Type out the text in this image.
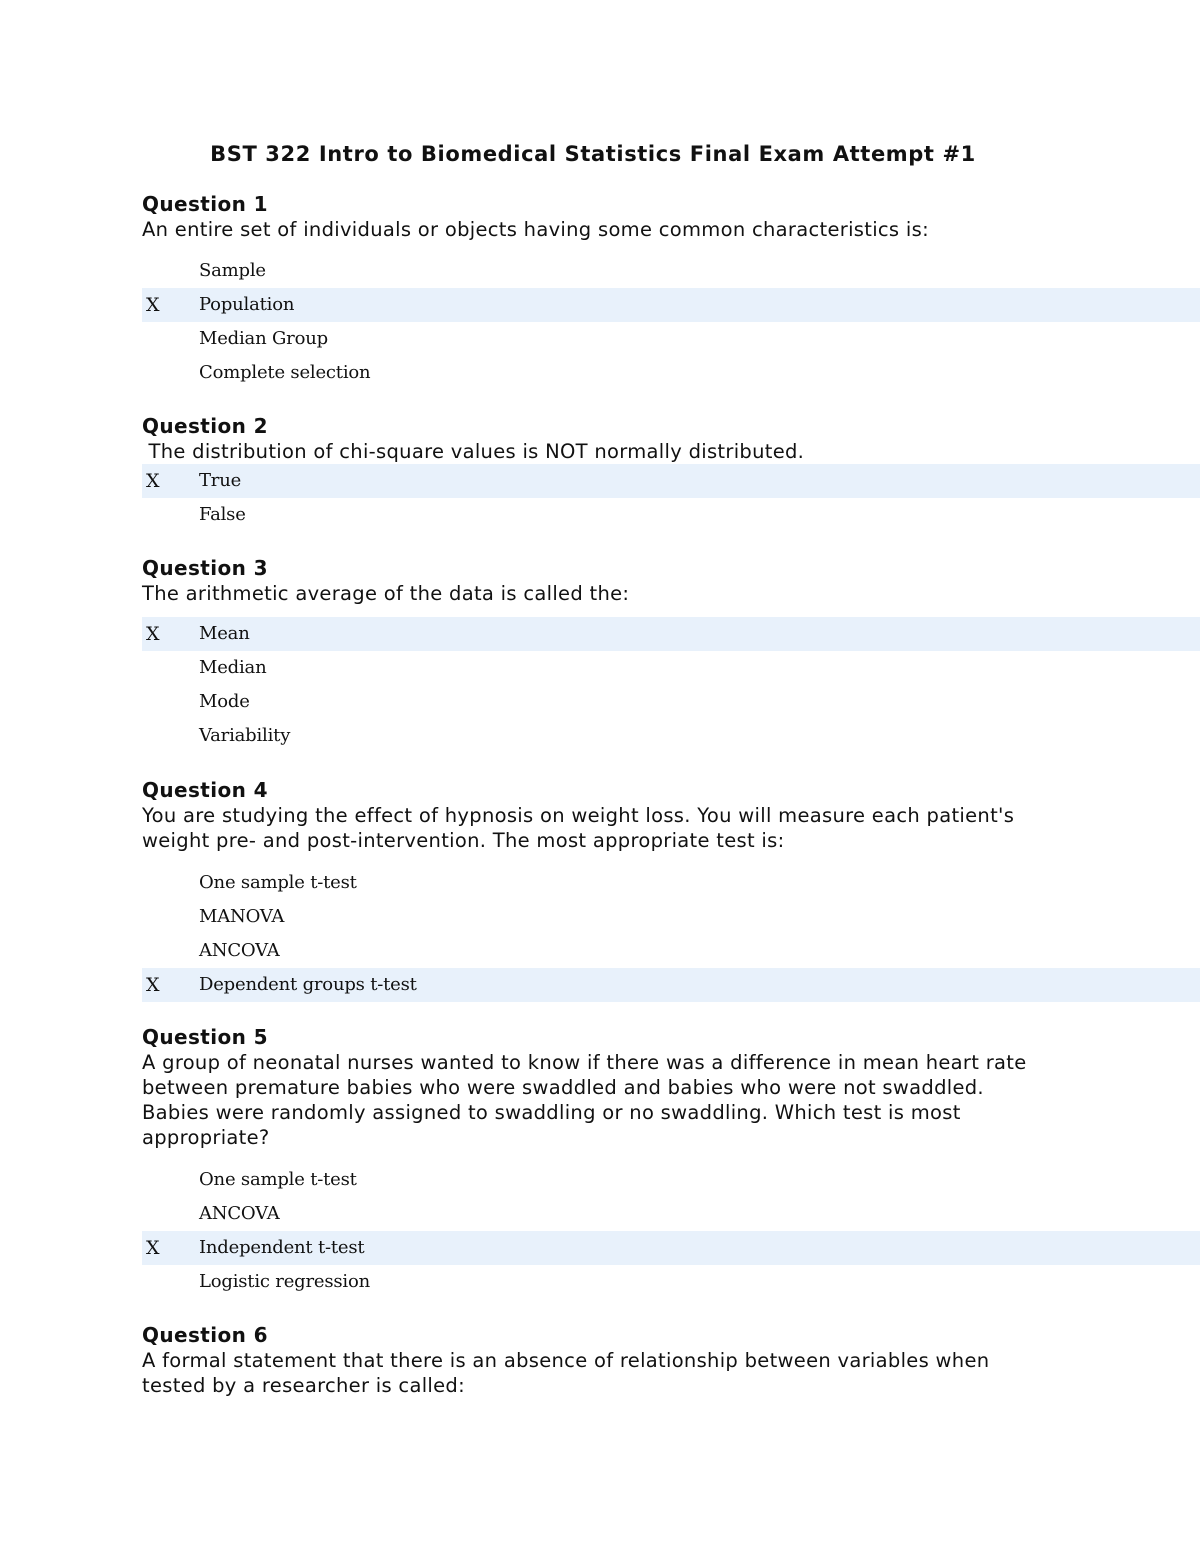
BST 322 Intro to Biomedical Statistics Final Exam Attempt #1
Question 1

An entire set of individuals or objects having some common characteristics is:

Sample
X	Population
Median Group
Complete selection
Question 2

The distribution of chi-square values is NOT normally distributed.

X	True
False
Question 3

The arithmetic average of the data is called the:

X	Mean
Median
Mode
Variability
Question 4

You are studying the effect of hypnosis on weight loss. You will measure each patient's weight pre- and post-intervention. The most appropriate test is:

One sample t-test
MANOVA
ANCOVA
X	Dependent groups t-test
Question 5

A group of neonatal nurses wanted to know if there was a difference in mean heart rate between premature babies who were swaddled and babies who were not swaddled. Babies were randomly assigned to swaddling or no swaddling. Which test is most appropriate?

One sample t-test
ANCOVA
X	Independent t-test
Logistic regression
Question 6

A formal statement that there is an absence of relationship between variables when tested by a researcher is called:
